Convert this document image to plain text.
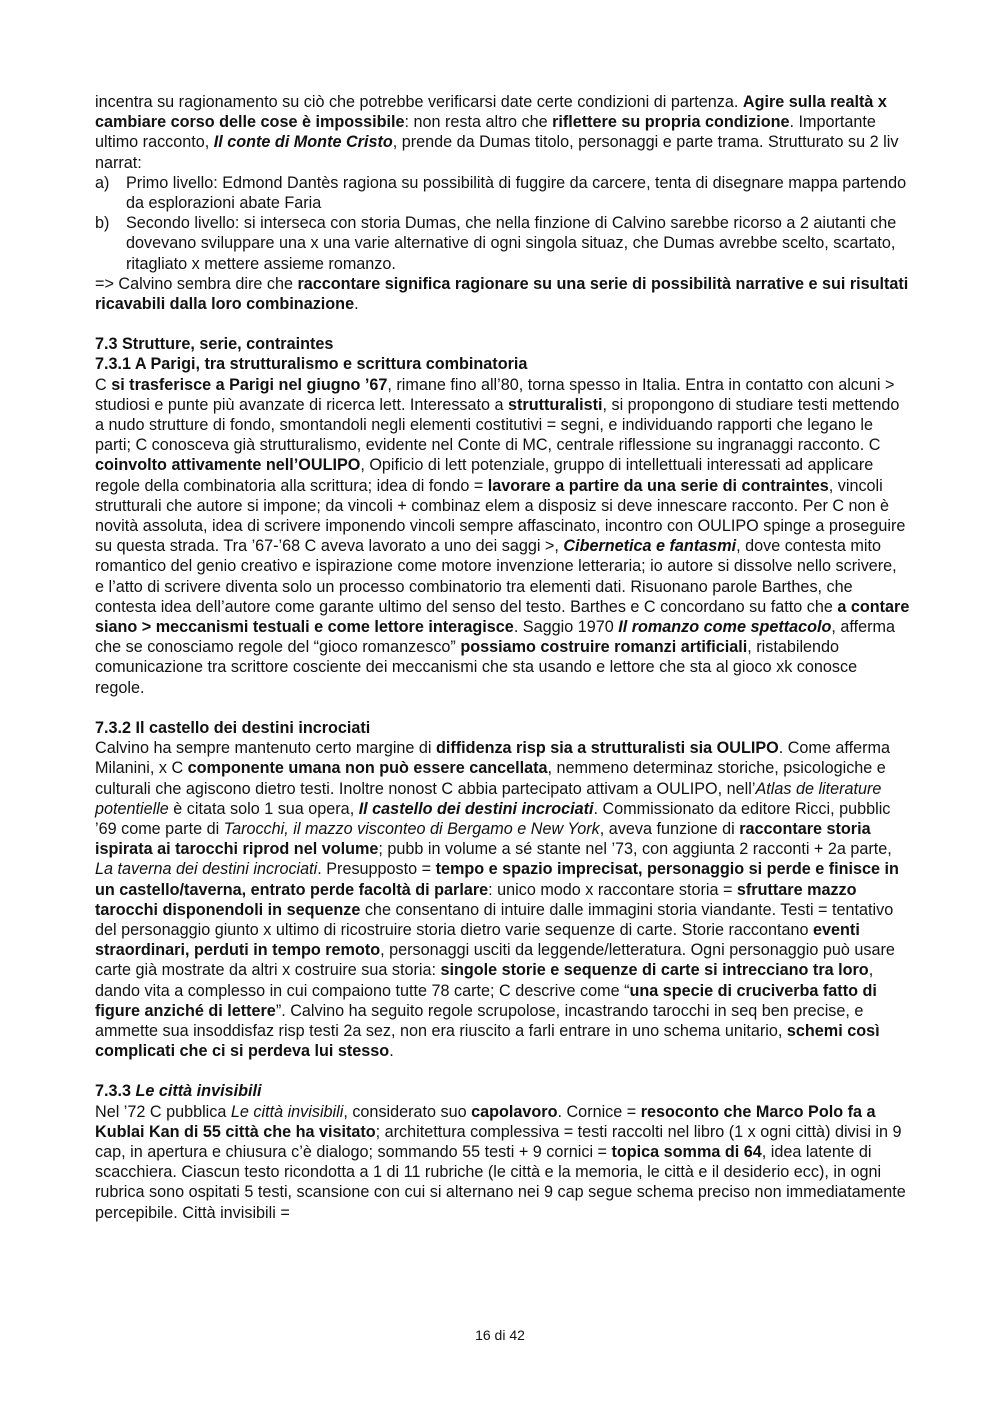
incentra su ragionamento su ciò che potrebbe verificarsi date certe condizioni di partenza. Agire sulla realtà x cambiare corso delle cose è impossibile: non resta altro che riflettere su propria condizione. Importante ultimo racconto, Il conte di Monte Cristo, prende da Dumas titolo, personaggi e parte trama. Strutturato su 2 liv narrat:

a) Primo livello: Edmond Dantès ragiona su possibilità di fuggire da carcere, tenta di disegnare mappa partendo da esplorazioni abate Faria
b) Secondo livello: si interseca con storia Dumas, che nella finzione di Calvino sarebbe ricorso a 2 aiutanti che dovevano sviluppare una x una varie alternative di ogni singola situaz, che Dumas avrebbe scelto, scartato, ritagliato x mettere assieme romanzo.

=> Calvino sembra dire che raccontare significa ragionare su una serie di possibilità narrative e sui risultati ricavabili dalla loro combinazione.

7.3 Strutture, serie, contraintes
7.3.1 A Parigi, tra strutturalismo e scrittura combinatoria

C si trasferisce a Parigi nel giugno ’67, rimane fino all’80, torna spesso in Italia. Entra in contatto con alcuni > studiosi e punte più avanzate di ricerca lett. Interessato a strutturalisti, si propongono di studiare testi mettendo a nudo strutture di fondo, smontandoli negli elementi costitutivi = segni, e individuando rapporti che legano le parti; C conosceva già strutturalismo, evidente nel Conte di MC, centrale riflessione su ingranaggi racconto. C coinvolto attivamente nell’OULIPO, Opificio di lett potenziale, gruppo di intellettuali interessati ad applicare regole della combinatoria alla scrittura; idea di fondo = lavorare a partire da una serie di contraintes, vincoli strutturali che autore si impone; da vincoli + combinaz elem a disposiz si deve innescare racconto. Per C non è novità assoluta, idea di scrivere imponendo vincoli sempre affascinato, incontro con OULIPO spinge a proseguire su questa strada. Tra ’67-’68 C aveva lavorato a uno dei saggi >, Cibernetica e fantasmi, dove contesta mito romantico del genio creativo e ispirazione come motore invenzione letteraria; io autore si dissolve nello scrivere, e l’atto di scrivere diventa solo un processo combinatorio tra elementi dati. Risuonano parole Barthes, che contesta idea dell’autore come garante ultimo del senso del testo. Barthes e C concordano su fatto che a contare siano > meccanismi testuali e come lettore interagisce. Saggio 1970 Il romanzo come spettacolo, afferma che se conosciamo regole del “gioco romanzesco” possiamo costruire romanzi artificiali, ristabilendo comunicazione tra scrittore cosciente dei meccanismi che sta usando e lettore che sta al gioco xk conosce regole.

7.3.2 Il castello dei destini incrociati

Calvino ha sempre mantenuto certo margine di diffidenza risp sia a strutturalisti sia OULIPO. Come afferma Milanini, x C componente umana non può essere cancellata, nemmeno determinaz storiche, psicologiche e culturali che agiscono dietro testi. Inoltre nonost C abbia partecipato attivam a OULIPO, nell’Atlas de literature potentielle è citata solo 1 sua opera, Il castello dei destini incrociati. Commissionato da editore Ricci, pubblic ’69 come parte di Tarocchi, il mazzo visconteo di Bergamo e New York, aveva funzione di raccontare storia ispirata ai tarocchi riprod nel volume; pubb in volume a sé stante nel ’73, con aggiunta 2 racconti + 2a parte, La taverna dei destini incrociati. Presupposto = tempo e spazio imprecisat, personaggio si perde e finisce in un castello/taverna, entrato perde facoltà di parlare: unico modo x raccontare storia = sfruttare mazzo tarocchi disponendoli in sequenze che consentano di intuire dalle immagini storia viandante. Testi = tentativo del personaggio giunto x ultimo di ricostruire storia dietro varie sequenze di carte. Storie raccontano eventi straordinari, perduti in tempo remoto, personaggi usciti da leggende/letteratura. Ogni personaggio può usare carte già mostrate da altri x costruire sua storia: singole storie e sequenze di carte si intrecciano tra loro, dando vita a complesso in cui compaiono tutte 78 carte; C descrive come “una specie di cruciverba fatto di figure anziché di lettere”. Calvino ha seguito regole scrupolose, incastrando tarocchi in seq ben precise, e ammette sua insoddisfaz risp testi 2a sez, non era riuscito a farli entrare in uno schema unitario, schemi così complicati che ci si perdeva lui stesso.

7.3.3 Le città invisibili

Nel ’72 C pubblica Le città invisibili, considerato suo capolavoro. Cornice = resoconto che Marco Polo fa a Kublai Kan di 55 città che ha visitato; architettura complessiva = testi raccolti nel libro (1 x ogni città) divisi in 9 cap, in apertura e chiusura c’è dialogo; sommando 55 testi + 9 cornici = topica somma di 64, idea latente di scacchiera. Ciascun testo ricondotta a 1 di 11 rubriche (le città e la memoria, le città e il desiderio ecc), in ogni rubrica sono ospitati 5 testi, scansione con cui si alternano nei 9 cap segue schema preciso non immediatamente percepibile. Città invisibili =

16 di 42
